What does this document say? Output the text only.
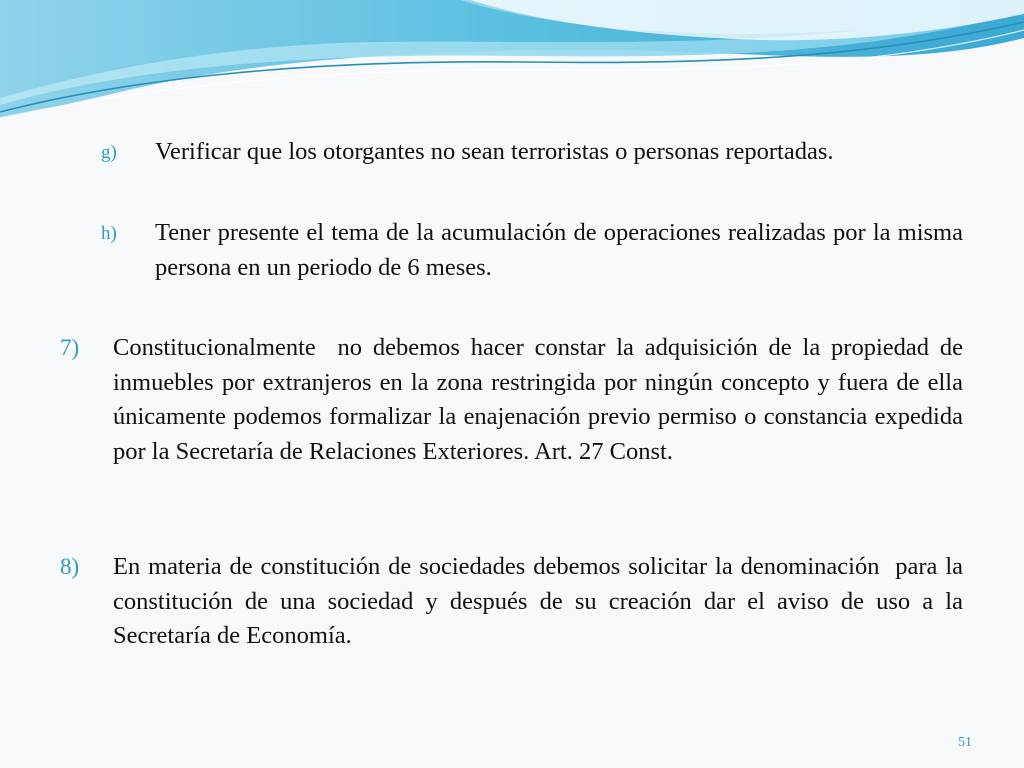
g) Verificar que los otorgantes no sean terroristas o personas reportadas.
h) Tener presente el tema de la acumulación de operaciones realizadas por la misma persona en un periodo de 6 meses.
7) Constitucionalmente  no debemos hacer constar la adquisición de la propiedad de inmuebles por extranjeros en la zona restringida por ningún concepto y fuera de ella únicamente podemos formalizar la enajenación previo permiso o constancia expedida por la Secretaría de Relaciones Exteriores. Art. 27 Const.
8) En materia de constitución de sociedades debemos solicitar la denominación  para la constitución de una sociedad y después de su creación dar el aviso de uso a la Secretaría de Economía.
51
